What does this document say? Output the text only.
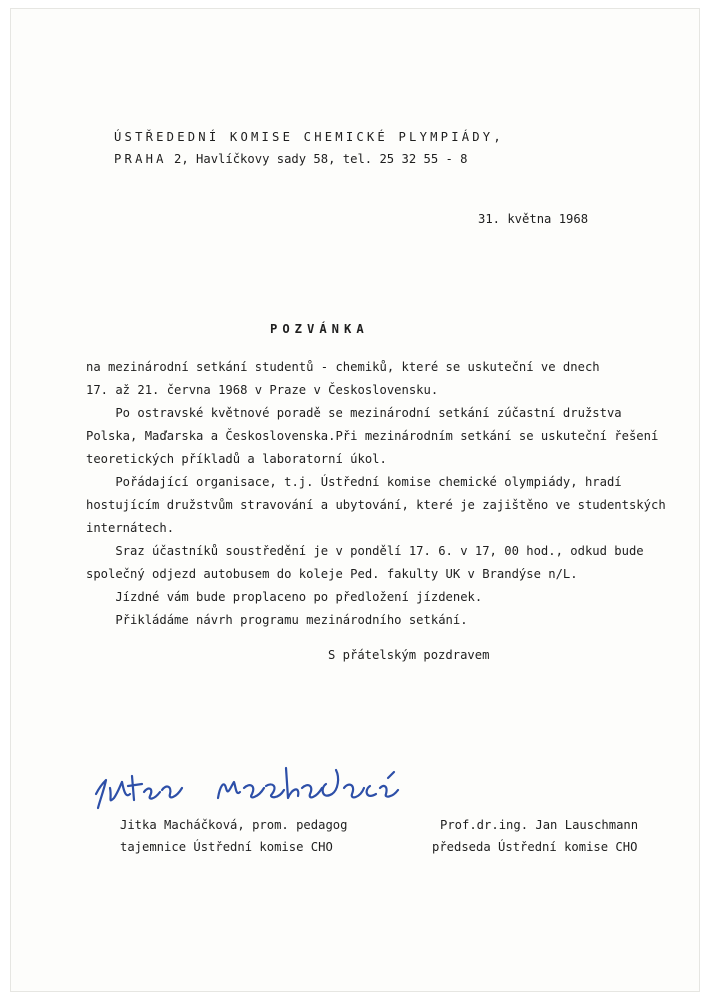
ÚSTŘEDEDNÍ KOMISE CHEMICKÉ PLYMPIÁDY,
PRAHA 2, Havlíčkovy sady 58, tel. 25 32 55 - 8
31. května 1968
POZVÁNKA
na mezinárodní setkání studentů - chemiků, které se uskuteční ve dnech
17. až 21. června 1968 v Praze v Československu.
Po ostravské květnové poradě se mezinárodní setkání zúčastní družstva
Polska, Maďarska a Československa.Při mezinárodním setkání se uskuteční řešení
teoretických příkladů a laboratorní úkol.
Pořádající organisace, t.j. Ústřední komise chemické olympiády, hradí
hostujícím družstvům stravování a ubytování, které je zajištěno ve studentských
internátech.
Sraz účastníků soustředění je v pondělí 17. 6. v 17, 00 hod., odkud bude
společný odjezd autobusem do koleje Ped. fakulty UK v Brandýse n/L.
Jízdné vám bude proplaceno po předložení jízdenek.
Přikládáme návrh programu mezinárodního setkání.
S přátelským pozdravem
Jitka Macháčková, prom. pedagog
tajemnice Ústřední komise CHO
Prof.dr.ing. Jan Lauschmann
předseda Ústřední komise CHO
